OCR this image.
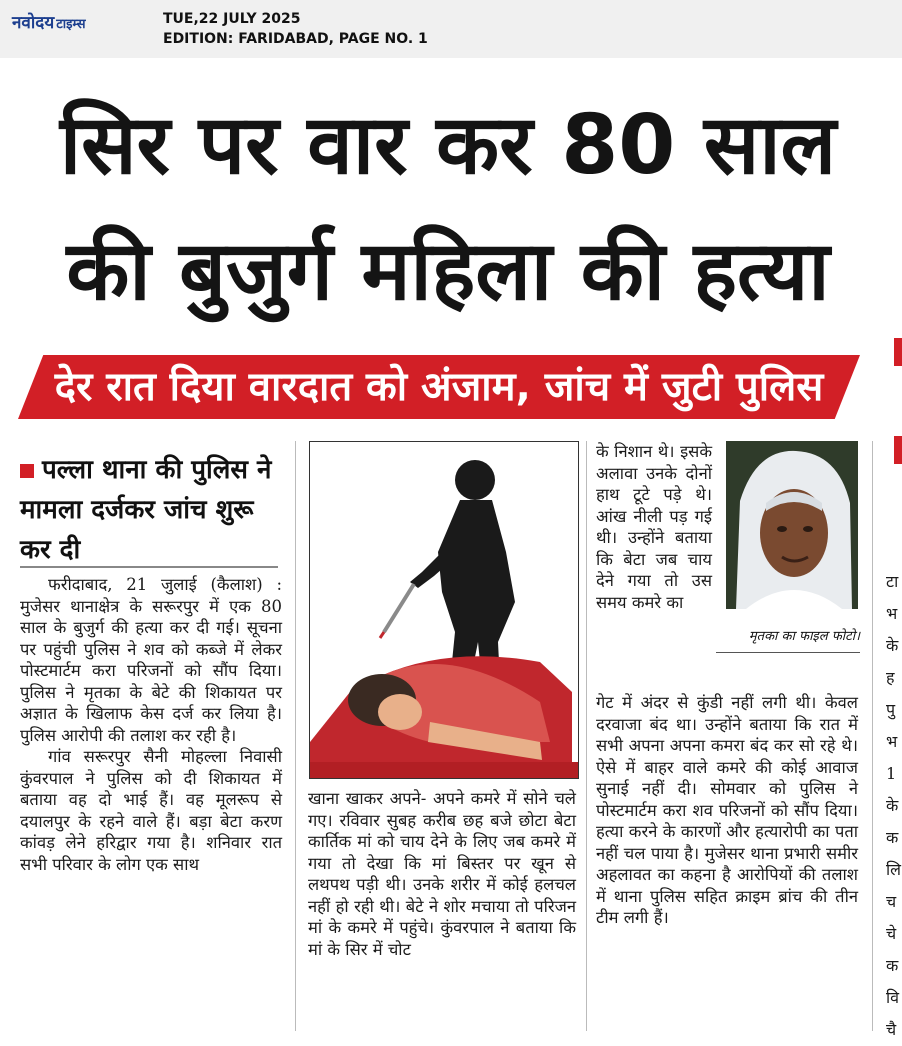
नवोदय टाइम्स	TUE,22 JULY 2025
EDITION: FARIDABAD, PAGE NO. 1
सिर पर वार कर 80 साल
की बुजुर्ग महिला की हत्या
देर रात दिया वारदात को अंजाम, जांच में जुटी पुलिस
पल्ला थाना की पुलिस ने मामला दर्जकर जांच शुरू कर दी

फरीदाबाद, 21 जुलाई (कैलाश) : मुजेसर थानाक्षेत्र के सरूरपुर में एक 80 साल के बुजुर्ग की हत्या कर दी गई। सूचना पर पहुंची पुलिस ने शव को कब्जे में लेकर पोस्टमार्टम करा परिजनों को सौंप दिया। पुलिस ने मृतका के बेटे की शिकायत पर अज्ञात के खिलाफ केस दर्ज कर लिया है। पुलिस आरोपी की तलाश कर रही है।

गांव सरूरपुर सैनी मोहल्ला निवासी कुंवरपाल ने पुलिस को दी शिकायत में बताया वह दो भाई हैं। वह मूलरूप से दयालपुर के रहने वाले हैं। बड़ा बेटा करण कांवड़ लेने हरिद्वार गया है। शनिवार रात सभी परिवार के लोग एक साथ

खाना खाकर अपने- अपने कमरे में सोने चले गए। रविवार सुबह करीब छह बजे छोटा बेटा कार्तिक मां को चाय देने के लिए जब कमरे में गया तो देखा कि मां बिस्तर पर खून से लथपथ पड़ी थी। उनके शरीर में कोई हलचल नहीं हो रही थी। बेटे ने शोर मचाया तो परिजन मां के कमरे में पहुंचे। कुंवरपाल ने बताया कि मां के सिर में चोट

के निशान थे। इसके अलावा उनके दोनों हाथ टूटे पड़े थे। आंख नीली पड़ गई थी। उन्होंने बताया कि बेटा जब चाय देने गया तो उस समय कमरे का

मृतका का फाइल फोटो।

गेट में अंदर से कुंडी नहीं लगी थी। केवल दरवाजा बंद था। उन्होंने बताया कि रात में सभी अपना अपना कमरा बंद कर सो रहे थे। ऐसे में बाहर वाले कमरे की कोई आवाज सुनाई नहीं दी। सोमवार को पुलिस ने पोस्टमार्टम करा शव परिजनों को सौंप दिया। हत्या करने के कारणों और हत्यारोपी का पता नहीं चल पाया है। मुजेसर थाना प्रभारी समीर अहलावत का कहना है आरोपियों की तलाश में थाना पुलिस सहित क्राइम ब्रांच की तीन टीम लगी हैं।

टा

भ

के

ह

पु

भ

1

के

क

लि

च

चे

क

वि

चै
